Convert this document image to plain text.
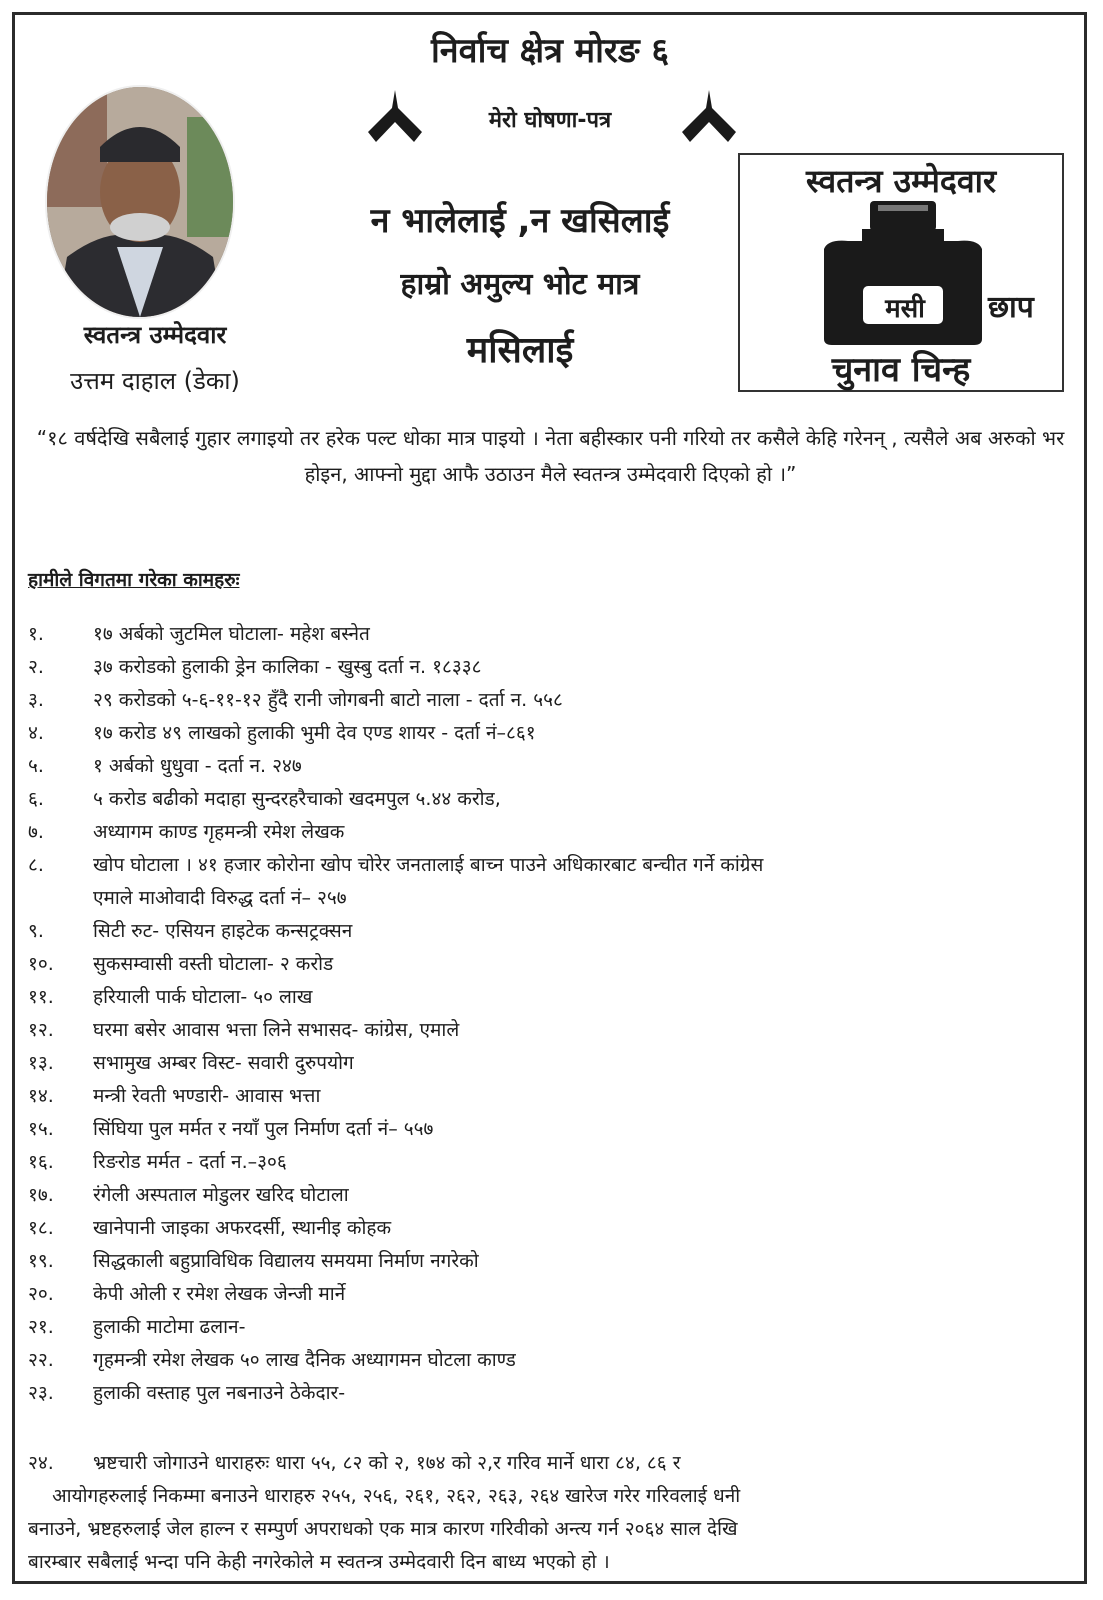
निर्वाच क्षेत्र मोरङ ६
मेरो घोषणा-पत्र
न भालेलाई ,न खसिलाई
हाम्रो अमुल्य भोट मात्र
मसिलाई
स्वतन्त्र उम्मेदवार
उत्तम दाहाल (डेका)
स्वतन्त्र उम्मेदवार
मसी	छाप
चुनाव चिन्ह
“१८ वर्षदेखि सबैलाई गुहार लगाइयो तर हरेक पल्ट धोका मात्र पाइयो । नेता बहीस्कार पनी गरियो तर कसैले केहि गरेनन् , त्यसैले अब अरुको भर होइन, आफ्नो मुद्दा आफै उठाउन मैले स्वतन्त्र उम्मेदवारी दिएको हो ।”
हामीले विगतमा गरेका कामहरुः
१.	१७ अर्बको जुटमिल घोटाला- महेश बस्नेत
२.	३७ करोडको हुलाकी ड्रेन कालिका - खुस्बु दर्ता न. १८३३८
३.	२९ करोडको ५-६-११-१२ हुँदै रानी जोगबनी बाटो नाला - दर्ता न. ५५८
४.	१७ करोड ४९ लाखको हुलाकी भुमी देव एण्ड शायर - दर्ता नं–८६१
५.	१ अर्बको धुधुवा - दर्ता न. २४७
६.	५ करोड बढीको मदाहा सुन्दरहरैचाको खदमपुल ५.४४ करोड,
७.	अध्यागम काण्ड गृहमन्त्री रमेश लेखक
८.	खोप घोटाला । ४१ हजार कोरोना खोप चोरेर जनतालाई बाच्न पाउने अधिकारबाट बन्चीत गर्ने कांग्रेस
एमाले माओवादी विरुद्ध दर्ता नं– २५७
९.	सिटी रुट- एसियन हाइटेक कन्सट्रक्सन
१०.	सुकसम्वासी वस्ती घोटाला- २ करोड
११.	हरियाली पार्क घोटाला- ५० लाख
१२.	घरमा बसेर आवास भत्ता लिने सभासद- कांग्रेस, एमाले
१३.	सभामुख अम्बर विस्ट- सवारी दुरुपयोग
१४.	मन्त्री रेवती भण्डारी- आवास भत्ता
१५.	सिंघिया पुल मर्मत र नयाँ पुल निर्माण दर्ता नं– ५५७
१६.	रिङरोड मर्मत - दर्ता न.–३०६
१७.	रंगेली अस्पताल मोडुलर खरिद घोटाला
१८.	खानेपानी जाइका अफरदर्सी, स्थानीइ कोहक
१९.	सिद्धकाली बहुप्राविधिक विद्यालय समयमा निर्माण नगरेको
२०.	केपी ओली र रमेश लेखक जेन्जी मार्ने
२१.	हुलाकी माटोमा ढलान-
२२.	गृहमन्त्री रमेश लेखक ५० लाख दैनिक अध्यागमन घोटला काण्ड
२३.	हुलाकी वस्ताह पुल नबनाउने ठेकेदार-
२४. भ्रष्टचारी जोगाउने धाराहरुः धारा ५५, ८२ को २, १७४ को २,र गरिव मार्ने धारा ८४, ८६ र
आयोगहरुलाई निकम्मा बनाउने धाराहरु २५५, २५६, २६१, २६२, २६३, २६४ खारेज गरेर गरिवलाई धनी
बनाउने, भ्रष्टहरुलाई जेल हाल्न र सम्पुर्ण अपराधको एक मात्र कारण गरिवीको अन्त्य गर्न २०६४ साल देखि
बारम्बार सबैलाई भन्दा पनि केही नगरेकोले म स्वतन्त्र उम्मेदवारी दिन बाध्य भएको हो ।
